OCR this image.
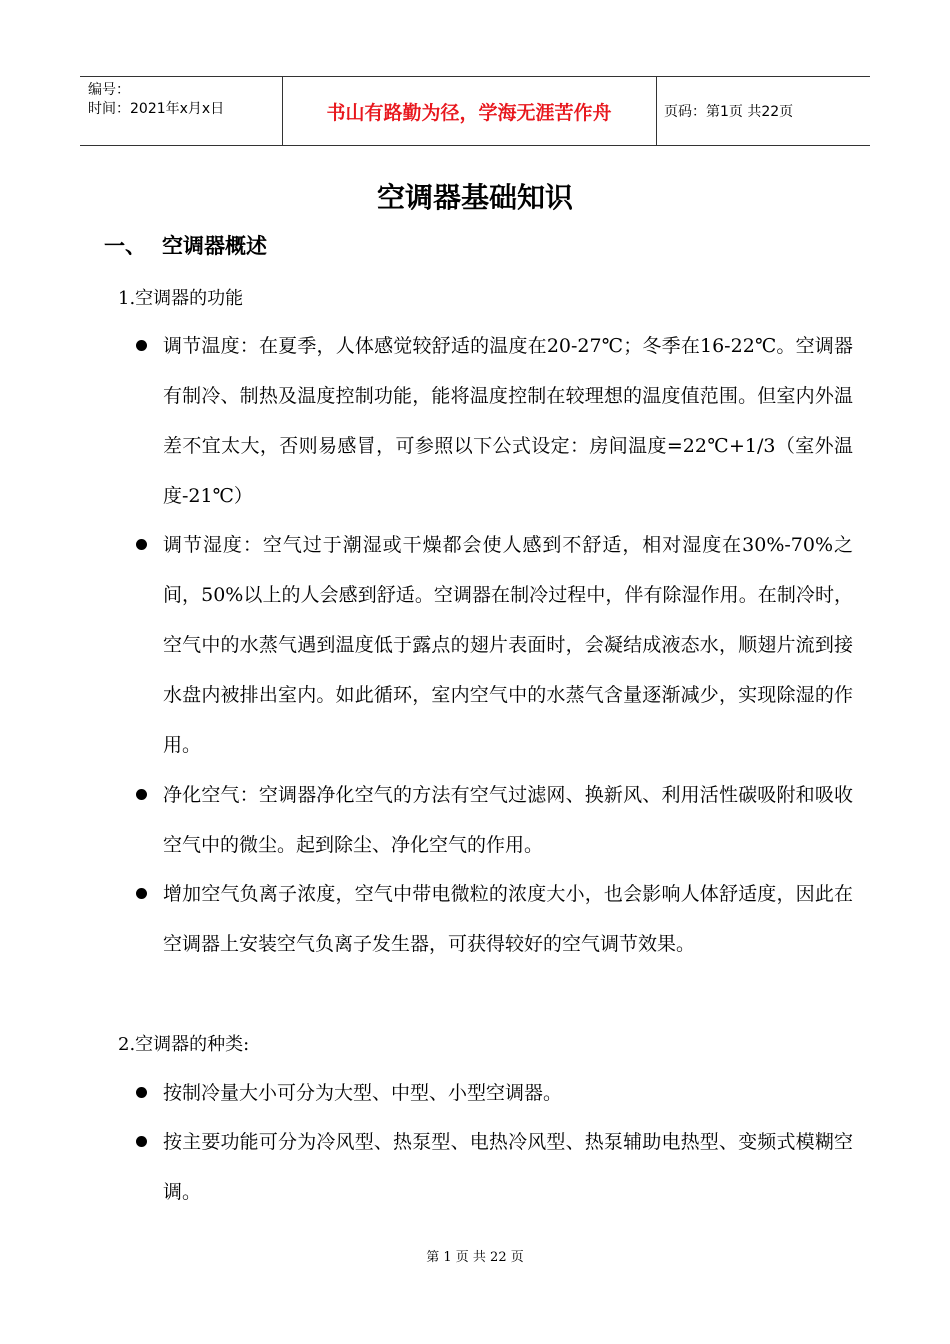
编号：
时间：2021年x月x日	书山有路勤为径，学海无涯苦作舟	页码：第1页 共22页
空调器基础知识
一、 空调器概述
1.空调器的功能
调节温度：在夏季，人体感觉较舒适的温度在20-27℃；冬季在16-22℃。空调器有制冷、制热及温度控制功能，能将温度控制在较理想的温度值范围。但室内外温差不宜太大，否则易感冒，可参照以下公式设定：房间温度=22℃+1/3（室外温度-21℃）
调节湿度：空气过于潮湿或干燥都会使人感到不舒适，相对湿度在30%-70%之间，50%以上的人会感到舒适。空调器在制冷过程中，伴有除湿作用。在制冷时，空气中的水蒸气遇到温度低于露点的翅片表面时，会凝结成液态水，顺翅片流到接水盘内被排出室内。如此循环，室内空气中的水蒸气含量逐渐减少，实现除湿的作用。
净化空气：空调器净化空气的方法有空气过滤网、换新风、利用活性碳吸附和吸收空气中的微尘。起到除尘、净化空气的作用。
增加空气负离子浓度，空气中带电微粒的浓度大小，也会影响人体舒适度，因此在空调器上安装空气负离子发生器，可获得较好的空气调节效果。
2.空调器的种类:
按制冷量大小可分为大型、中型、小型空调器。
按主要功能可分为冷风型、热泵型、电热冷风型、热泵辅助电热型、变频式模糊空调。
第 1 页 共 22 页
